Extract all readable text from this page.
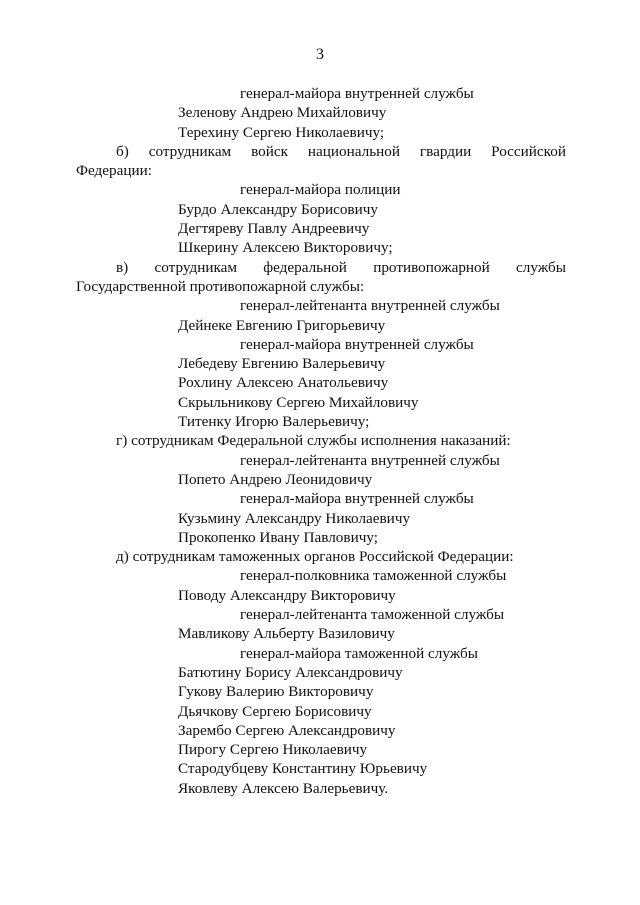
3
генерал-майора внутренней службы
Зеленову Андрею Михайловичу
Терехину Сергею Николаевичу;
б) сотрудникам войск национальной гвардии Российской
Федерации:
генерал-майора полиции
Бурдо Александру Борисовичу
Дегтяреву Павлу Андреевичу
Шкерину Алексею Викторовичу;
в) сотрудникам федеральной противопожарной службы
Государственной противопожарной службы:
генерал-лейтенанта внутренней службы
Дейнеке Евгению Григорьевичу
генерал-майора внутренней службы
Лебедеву Евгению Валерьевичу
Рохлину Алексею Анатольевичу
Скрыльникову Сергею Михайловичу
Титенку Игорю Валерьевичу;
г) сотрудникам Федеральной службы исполнения наказаний:
генерал-лейтенанта внутренней службы
Попето Андрею Леонидовичу
генерал-майора внутренней службы
Кузьмину Александру Николаевичу
Прокопенко Ивану Павловичу;
д) сотрудникам таможенных органов Российской Федерации:
генерал-полковника таможенной службы
Поводу Александру Викторовичу
генерал-лейтенанта таможенной службы
Мавликову Альберту Вазиловичу
генерал-майора таможенной службы
Батютину Борису Александровичу
Гукову Валерию Викторовичу
Дьячкову Сергею Борисовичу
Зарембо Сергею Александровичу
Пирогу Сергею Николаевичу
Стародубцеву Константину Юрьевичу
Яковлеву Алексею Валерьевичу.
